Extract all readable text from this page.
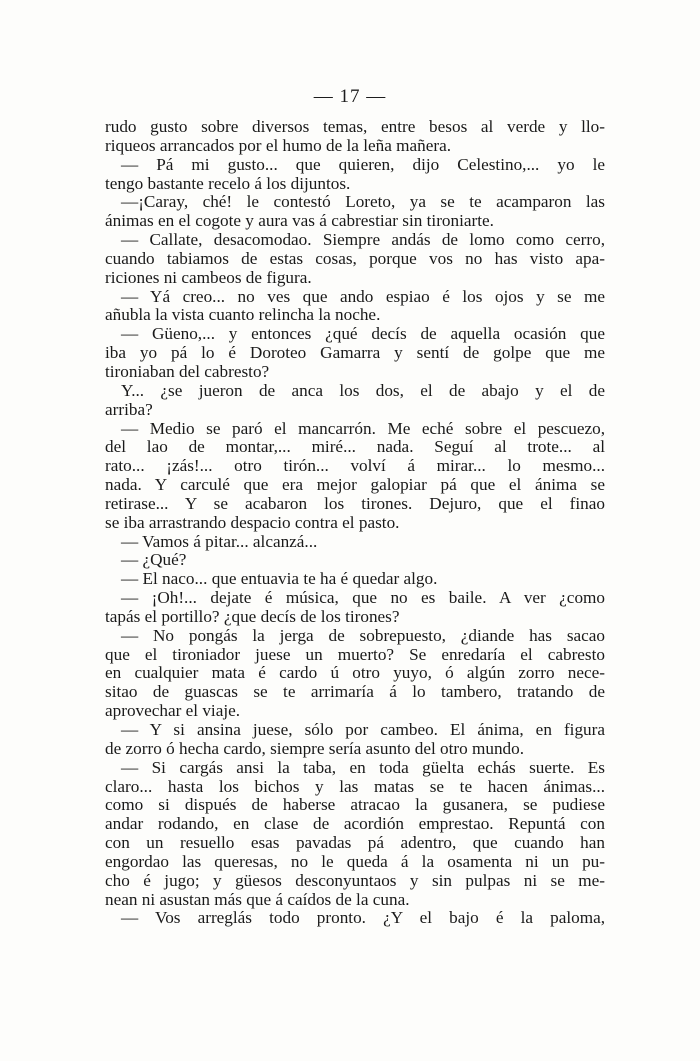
— 17 —
rudo gusto sobre diversos temas, entre besos al verde y llo-
riqueos arrancados por el humo de la leña mañera.
— Pá mi gusto... que quieren, dijo Celestino,... yo le
tengo bastante recelo á los dijuntos.
—¡Caray, ché! le contestó Loreto, ya se te acamparon las
ánimas en el cogote y aura vas á cabrestiar sin tironiarte.
— Callate, desacomodao. Siempre andás de lomo como cerro,
cuando tabiamos de estas cosas, porque vos no has visto apa-
riciones ni cambeos de figura.
— Yá creo... no ves que ando espiao é los ojos y se me
añubla la vista cuanto relincha la noche.
— Güeno,... y entonces ¿qué decís de aquella ocasión que
iba yo pá lo é Doroteo Gamarra y sentí de golpe que me
tironiaban del cabresto?
Y... ¿se jueron de anca los dos, el de abajo y el de
arriba?
— Medio se paró el mancarrón. Me eché sobre el pescuezo,
del lao de montar,... miré... nada. Seguí al trote... al
rato... ¡zás!... otro tirón... volví á mirar... lo mesmo...
nada. Y carculé que era mejor galopiar pá que el ánima se
retirase... Y se acabaron los tirones. Dejuro, que el finao
se iba arrastrando despacio contra el pasto.
— Vamos á pitar... alcanzá...
— ¿Qué?
— El naco... que entuavia te ha é quedar algo.
— ¡Oh!... dejate é música, que no es baile. A ver ¿como
tapás el portillo? ¿que decís de los tirones?
— No pongás la jerga de sobrepuesto, ¿diande has sacao
que el tironiador juese un muerto? Se enredaría el cabresto
en cualquier mata é cardo ú otro yuyo, ó algún zorro nece-
sitao de guascas se te arrimaría á lo tambero, tratando de
aprovechar el viaje.
— Y si ansina juese, sólo por cambeo. El ánima, en figura
de zorro ó hecha cardo, siempre sería asunto del otro mundo.
— Si cargás ansi la taba, en toda güelta echás suerte. Es
claro... hasta los bichos y las matas se te hacen ánimas...
como si dispués de haberse atracao la gusanera, se pudiese
andar rodando, en clase de acordión emprestao. Repuntá con
con un resuello esas pavadas pá adentro, que cuando han
engordao las queresas, no le queda á la osamenta ni un pu-
cho é jugo; y güesos desconyuntaos y sin pulpas ni se me-
nean ni asustan más que á caídos de la cuna.
— Vos arreglás todo pronto. ¿Y el bajo é la paloma,
